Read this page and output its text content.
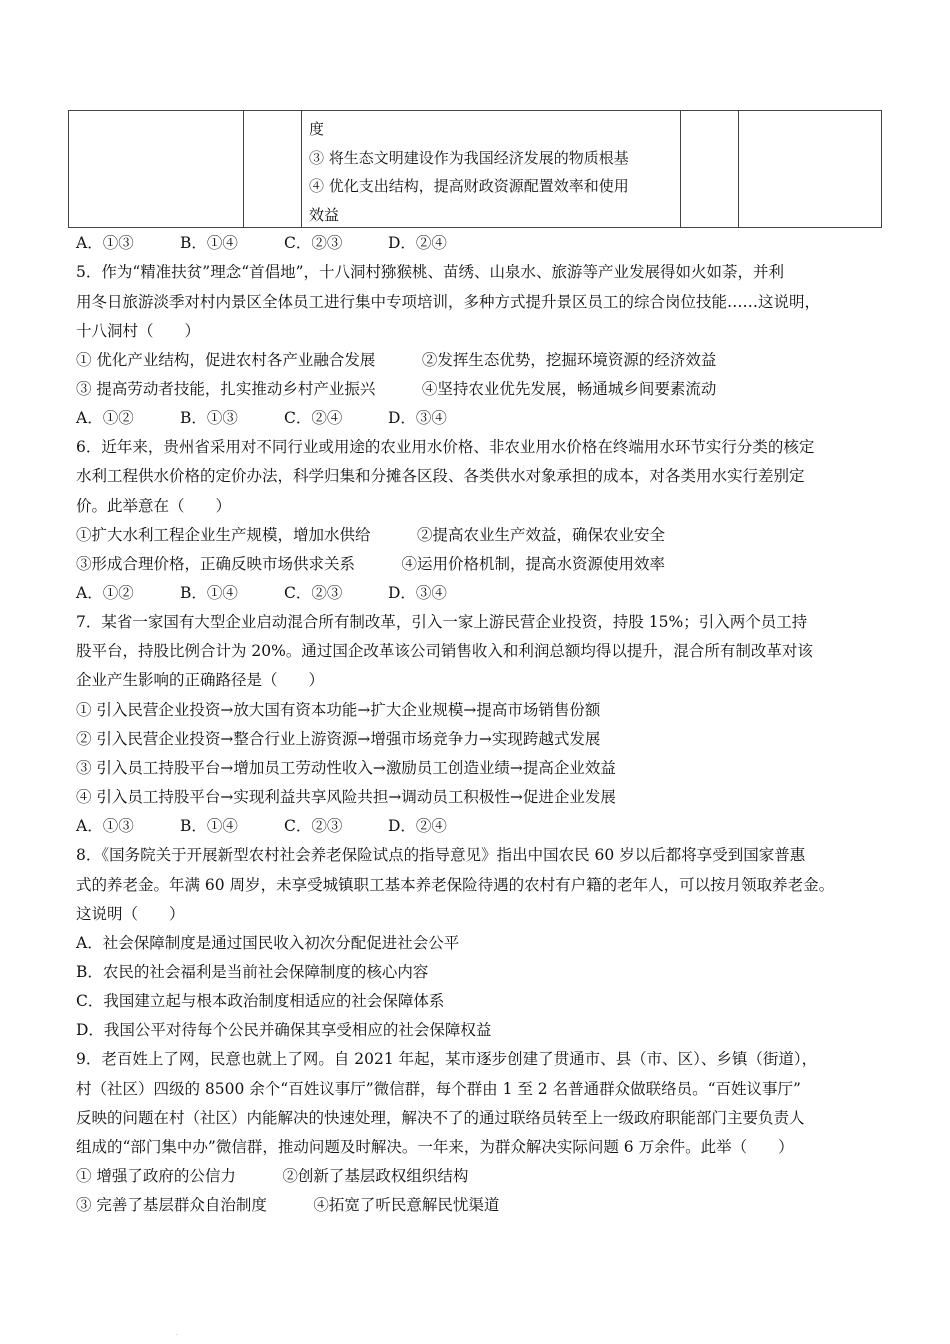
度
③ 将生态文明建设作为我国经济发展的物质根基
④ 优化支出结构，提高财政资源配置效率和使用
效益
A．①③	B．①④	C．②③	D．②④
5．作为“精准扶贫”理念“首倡地”，十八洞村猕猴桃、苗绣、山泉水、旅游等产业发展得如火如荼，并利
用冬日旅游淡季对村内景区全体员工进行集中专项培训，多种方式提升景区员工的综合岗位技能……这说明，
十八洞村（　　）
① 优化产业结构，促进农村各产业融合发展　　　②发挥生态优势，挖掘环境资源的经济效益
③ 提高劳动者技能，扎实推动乡村产业振兴　　　④坚持农业优先发展，畅通城乡间要素流动
A．①②	B．①③	C．②④	D．③④
6．近年来，贵州省采用对不同行业或用途的农业用水价格、非农业用水价格在终端用水环节实行分类的核定
水利工程供水价格的定价办法，科学归集和分摊各区段、各类供水对象承担的成本，对各类用水实行差别定
价。此举意在（　　）
①扩大水利工程企业生产规模，增加水供给　　　②提高农业生产效益，确保农业安全
③形成合理价格，正确反映市场供求关系　　　④运用价格机制，提高水资源使用效率
A．①②	B．①④	C．②③	D．③④
7．某省一家国有大型企业启动混合所有制改革，引入一家上游民营企业投资，持股 15%；引入两个员工持
股平台，持股比例合计为 20%。通过国企改革该公司销售收入和利润总额均得以提升，混合所有制改革对该
企业产生影响的正确路径是（　　）
① 引入民营企业投资→放大国有资本功能→扩大企业规模→提高市场销售份额
② 引入民营企业投资→整合行业上游资源→增强市场竞争力→实现跨越式发展
③ 引入员工持股平台→增加员工劳动性收入→激励员工创造业绩→提高企业效益
④ 引入员工持股平台→实现利益共享风险共担→调动员工积极性→促进企业发展
A．①③	B．①④	C．②③	D．②④
8．《国务院关于开展新型农村社会养老保险试点的指导意见》指出中国农民 60 岁以后都将享受到国家普惠
式的养老金。年满 60 周岁，未享受城镇职工基本养老保险待遇的农村有户籍的老年人，可以按月领取养老金。
这说明（　　）
A．社会保障制度是通过国民收入初次分配促进社会公平
B．农民的社会福利是当前社会保障制度的核心内容
C．我国建立起与根本政治制度相适应的社会保障体系
D．我国公平对待每个公民并确保其享受相应的社会保障权益
9．老百姓上了网，民意也就上了网。自 2021 年起，某市逐步创建了贯通市、县（市、区）、乡镇（街道），
村（社区）四级的 8500 余个“百姓议事厅”微信群，每个群由 1 至 2 名普通群众做联络员。“百姓议事厅”
反映的问题在村（社区）内能解决的快速处理，解决不了的通过联络员转至上一级政府职能部门主要负责人
组成的“部门集中办”微信群，推动问题及时解决。一年来，为群众解决实际问题 6 万余件。此举（　　）
① 增强了政府的公信力　　　②创新了基层政权组织结构
③ 完善了基层群众自治制度　　　④拓宽了听民意解民忧渠道
.
